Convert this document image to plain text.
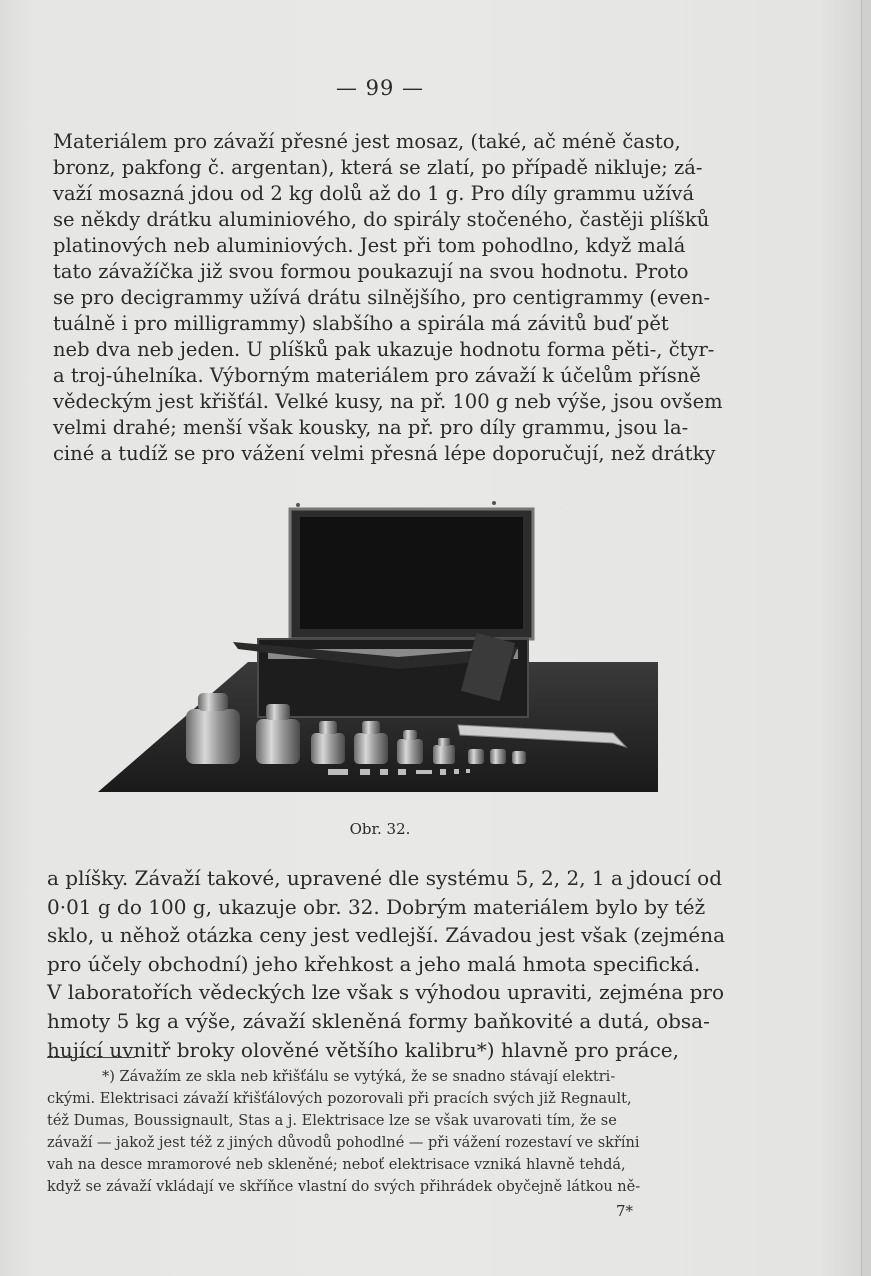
— 99 —
Materiálem pro závaží přesné jest mosaz, (také, ač méně často,
bronz, pakfong č. argentan), která se zlatí, po případě nikluje; zá-
važí mosazná jdou od 2 kg dolů až do 1 g. Pro díly grammu užívá
se někdy drátku aluminiového, do spirály stočeného, častěji plíšků
platinových neb aluminiových. Jest při tom pohodlno, když malá
tato závažíčka již svou formou poukazují na svou hodnotu. Proto
se pro decigrammy užívá drátu silnějšího, pro centigrammy (even-
tuálně i pro milligrammy) slabšího a spirála má závitů buď pět
neb dva neb jeden. U plíšků pak ukazuje hodnotu forma pěti-, čtyr-
a troj-úhelníka. Výborným materiálem pro závaží k účelům přísně
vědeckým jest křišťál. Velké kusy, na př. 100 g neb výše, jsou ovšem
velmi drahé; menší však kousky, na př. pro díly grammu, jsou la-
ciné a tudíž se pro vážení velmi přesná lépe doporučují, než drátky
Obr. 32.
a plíšky. Závaží takové, upravené dle systému 5, 2, 2, 1 a jdoucí od
0·01 g do 100 g, ukazuje obr. 32. Dobrým materiálem bylo by též
sklo, u něhož otázka ceny jest vedlejší. Závadou jest však (zejména
pro účely obchodní) jeho křehkost a jeho malá hmota specifická.
V laboratořích vědeckých lze však s výhodou upraviti, zejména pro
hmoty 5 kg a výše, závaží skleněná formy baňkovité a dutá, obsa-
hující uvnitř broky olověné většího kalibru*) hlavně pro práce,
*) Závažím ze skla neb křišťálu se vytýká, že se snadno stávají elektri-
ckými. Elektrisaci závaží křišťálových pozorovali při pracích svých již Regnault,
též Dumas, Boussignault, Stas a j. Elektrisace lze se však uvarovati tím, že se
závaží — jakož jest též z jiných důvodů pohodlné — při vážení rozestaví ve skříni
vah na desce mramorové neb skleněné; neboť elektrisace vzniká hlavně tehdá,
když se závaží vkládají ve skříňce vlastní do svých přihrádek obyčejně látkou ně-
7*
